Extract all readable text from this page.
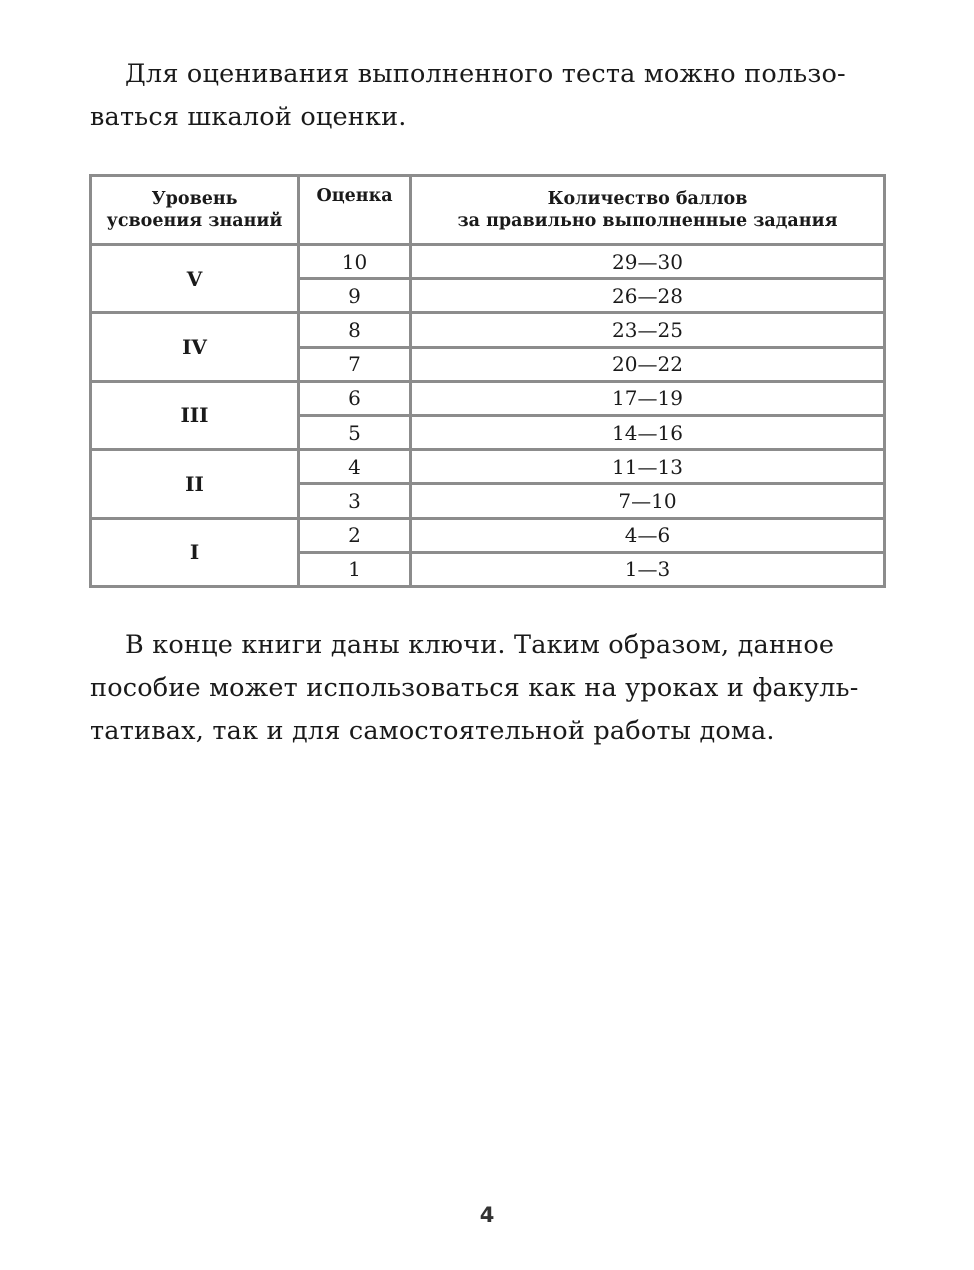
Для оценивания выполненного теста можно пользо-
ваться шкалой оценки.

Уровень
усвоения знаний	Оценка	Количество баллов
за правильно выполненные задания

V	10	29—30
	9	26—28
IV	8	23—25
	7	20—22
III	6	17—19
	5	14—16
II	4	11—13
	3	7—10
I	2	4—6
	1	1—3

В конце книги даны ключи. Таким образом, данное
пособие может использоваться как на уроках и факуль-
тативах, так и для самостоятельной работы дома.

4
